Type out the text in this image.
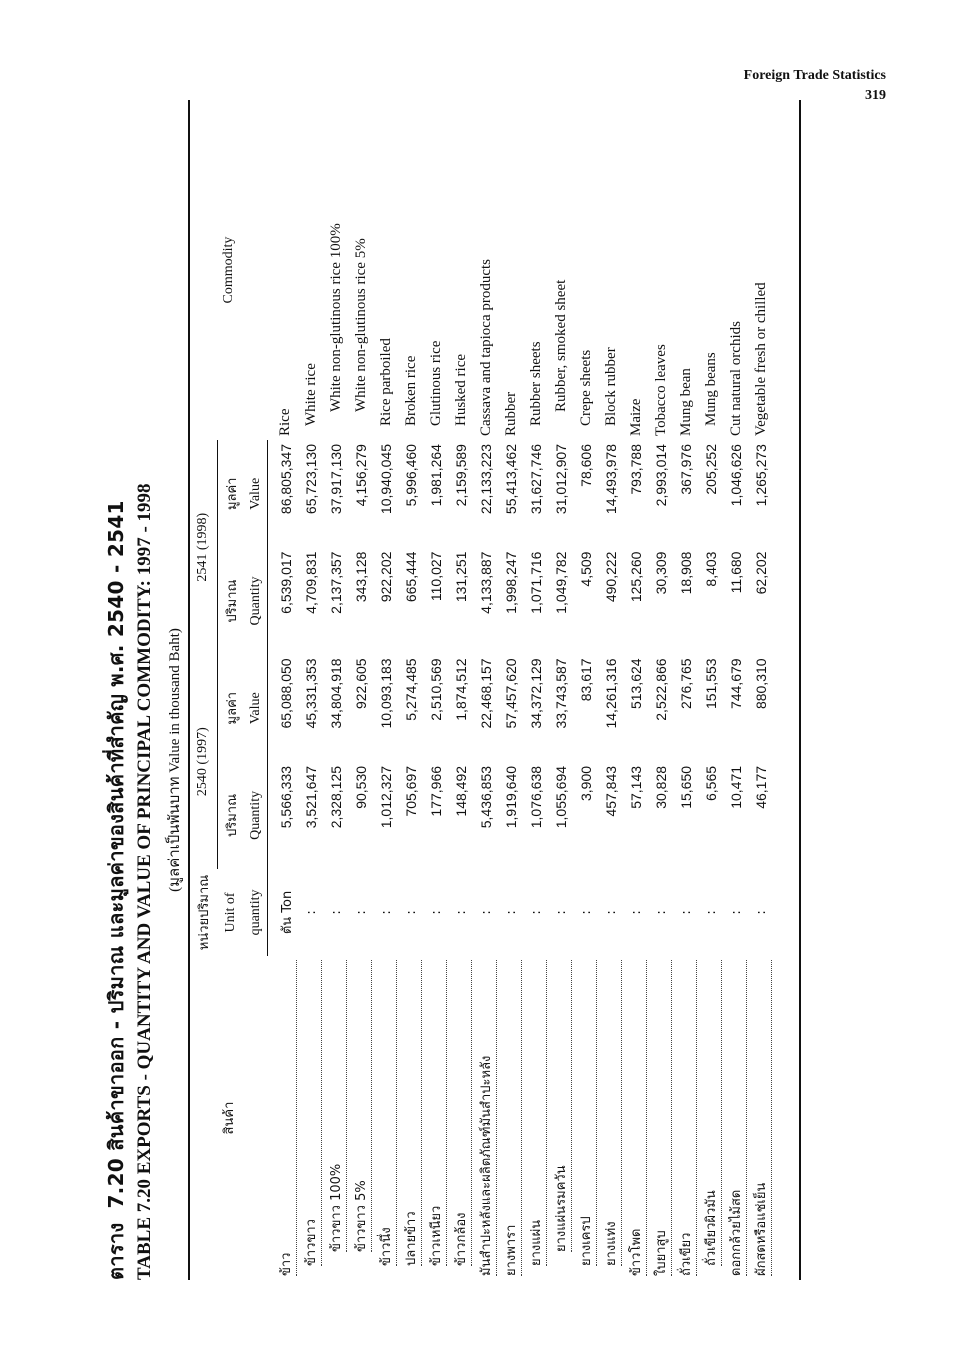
Foreign Trade Statistics
319
ตาราง7.20 สินค้าขาออก - ปริมาณ และมูลค่าของสินค้าที่สำคัญ พ.ศ. 2540 - 2541 TABLE 7.20 EXPORTS - QUANTITY AND VALUE OF PRINCIPAL COMMODITY: 1997 - 1998 (มูลค่าเป็นพันบาท Value in thousand Baht)
สินค้า	หน่วยปริมาณ	2540 (1997)		2541 (1998)		Commodity
	Unit of	ปริมาณ	มูลค่า	ปริมาณ	มูลค่า	
	quantity	Quantity	Value	Quantity	Value	
ข้าว	ตัน Ton	5,566,333	65,088,050	6,539,017	86,805,347	Rice
ข้าวขาว	:	3,521,647	45,331,353	4,709,831	65,723,130	White rice
ข้าวขาว 100%	:	2,328,125	34,804,918	2,137,357	37,917,130	White non-glutinous rice 100%
ข้าวขาว 5%	:	90,530	922,605	343,128	4,156,279	White non-glutinous rice 5%
ข้าวนึ่ง	:	1,012,327	10,093,183	922,202	10,940,045	Rice parboiled
ปลายข้าว	:	705,697	5,274,485	665,444	5,996,460	Broken rice
ข้าวเหนียว	:	177,966	2,510,569	110,027	1,981,264	Glutinous rice
ข้าวกล้อง	:	148,492	1,874,512	131,251	2,159,589	Husked rice
มันสำปะหลังและผลิตภัณฑ์มันสำปะหลัง	:	5,436,853	22,468,157	4,133,887	22,133,223	Cassava and tapioca products
ยางพารา	:	1,919,640	57,457,620	1,998,247	55,413,462	Rubber
ยางแผ่น	:	1,076,638	34,372,129	1,071,716	31,627,746	Rubber sheets
ยางแผ่นรมควัน	:	1,055,694	33,743,587	1,049,782	31,012,907	Rubber, smoked sheet
ยางเครป	:	3,900	83,617	4,509	78,606	Crepe sheets
ยางแท่ง	:	457,843	14,261,316	490,222	14,493,978	Block rubber
ข้าวโพด	:	57,143	513,624	125,260	793,788	Maize
ใบยาสูบ	:	30,828	2,522,866	30,309	2,993,014	Tobacco leaves
ถั่วเขียว	:	15,650	276,765	18,908	367,976	Mung bean
ถั่วเขียวผิวมัน	:	6,565	151,553	8,403	205,252	Mung beans
ดอกกล้วยไม้สด	:	10,471	744,679	11,680	1,046,626	Cut natural orchids
ผักสดหรือแช่เย็น	:	46,177	880,310	62,202	1,265,273	Vegetable fresh or chilled
